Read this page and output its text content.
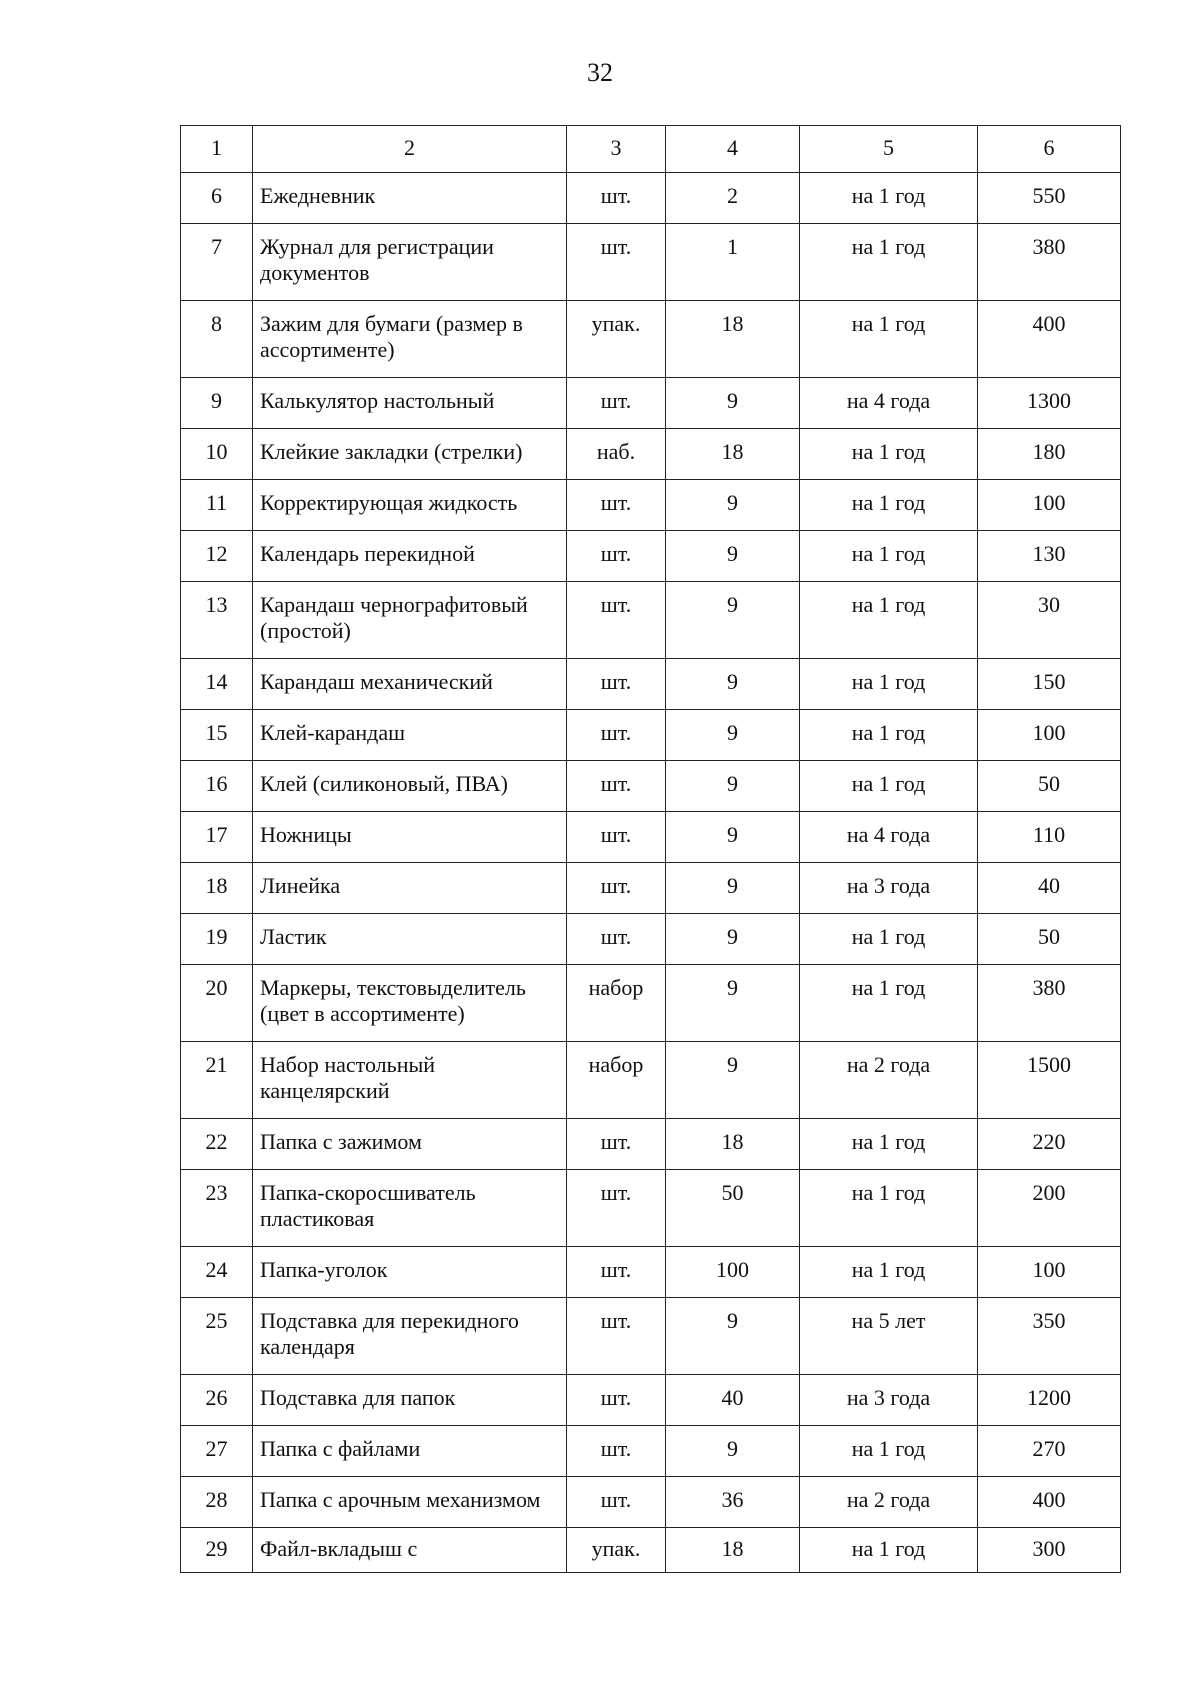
32
1	2	3	4	5	6
6	Ежедневник	шт.	2	на 1 год	550
7	Журнал для регистрации документов	шт.	1	на 1 год	380
8	Зажим для бумаги (размер в ассортименте)	упак.	18	на 1 год	400
9	Калькулятор настольный	шт.	9	на 4 года	1300
10	Клейкие закладки (стрелки)	наб.	18	на 1 год	180
11	Корректирующая жидкость	шт.	9	на 1 год	100
12	Календарь перекидной	шт.	9	на 1 год	130
13	Карандаш чернографитовый (простой)	шт.	9	на 1 год	30
14	Карандаш механический	шт.	9	на 1 год	150
15	Клей-карандаш	шт.	9	на 1 год	100
16	Клей (силиконовый, ПВА)	шт.	9	на 1 год	50
17	Ножницы	шт.	9	на 4 года	110
18	Линейка	шт.	9	на 3 года	40
19	Ластик	шт.	9	на 1 год	50
20	Маркеры, текстовыделитель (цвет в ассортименте)	набор	9	на 1 год	380
21	Набор настольный канцелярский	набор	9	на 2 года	1500
22	Папка с зажимом	шт.	18	на 1 год	220
23	Папка-скоросшиватель пластиковая	шт.	50	на 1 год	200
24	Папка-уголок	шт.	100	на 1 год	100
25	Подставка для перекидного календаря	шт.	9	на 5 лет	350
26	Подставка для папок	шт.	40	на 3 года	1200
27	Папка с файлами	шт.	9	на 1 год	270
28	Папка с арочным механизмом	шт.	36	на 2 года	400
29	Файл-вкладыш с	упак.	18	на 1 год	300
